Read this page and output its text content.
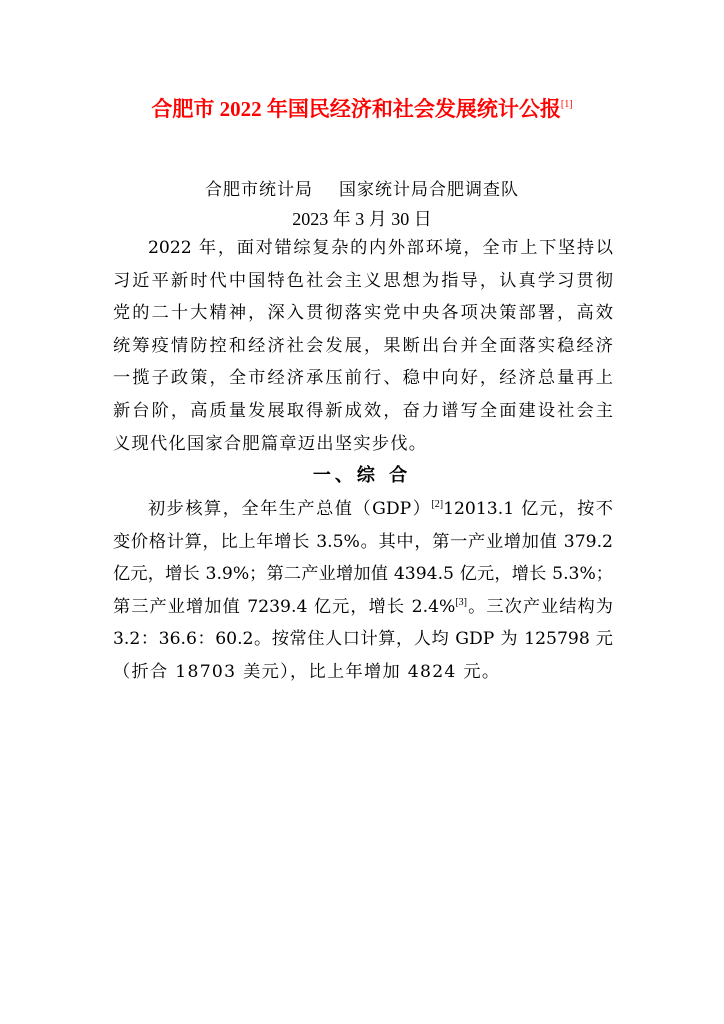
合肥市 2022 年国民经济和社会发展统计公报[1]
合肥市统计局 国家统计局合肥调查队
2023 年 3 月 30 日
2022 年，面对错综复杂的内外部环境，全市上下坚持以
习近平新时代中国特色社会主义思想为指导，认真学习贯彻
党的二十大精神，深入贯彻落实党中央各项决策部署，高效
统筹疫情防控和经济社会发展，果断出台并全面落实稳经济
一揽子政策，全市经济承压前行、稳中向好，经济总量再上
新台阶，高质量发展取得新成效，奋力谱写全面建设社会主
义现代化国家合肥篇章迈出坚实步伐。
一、综 合
初步核算，全年生产总值（GDP）[2]12013.1 亿元，按不
变价格计算，比上年增长 3.5%。其中，第一产业增加值 379.2
亿元，增长 3.9%；第二产业增加值 4394.5 亿元，增长 5.3%；
第三产业增加值 7239.4 亿元，增长 2.4%[3]。三次产业结构为
3.2：36.6：60.2。按常住人口计算，人均 GDP 为 125798 元
（折合 18703 美元），比上年增加 4824 元。
